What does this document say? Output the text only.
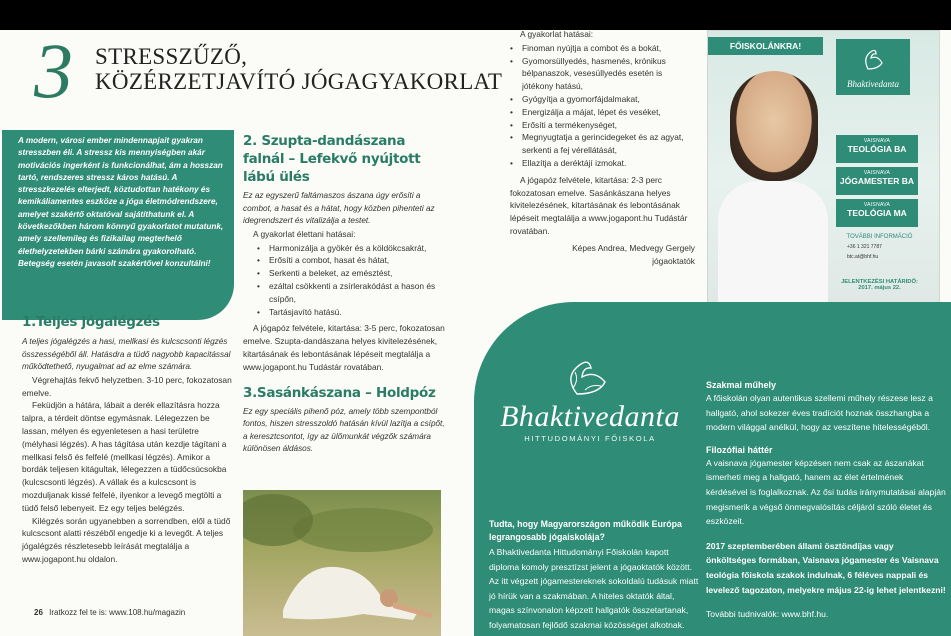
3 STRESSZŰZŐ,
KÖZÉRZETJAVÍTÓ JÓGAGYAKORLAT

A modern, városi ember mindennapjait gyakran stresszben éli. A stressz kis mennyiségben akár motivációs ingerként is funkcionálhat, ám a hosszan tartó, rendszeres stressz káros hatású. A stresszkezelés elterjedt, köztudottan hatékony és kemikáliamentes eszköze a jóga életmódrendszere, amelyet szakértő oktatóval sajátíthatunk el. A következőkben három könnyű gyakorlatot mutatunk, amely szellemileg és fizikailag megterhelő élethelyzetekben bárki számára gyakorolható. Betegség esetén javasolt szakértővel konzultálni!

1.Teljes jógalégzés

A teljes jógalégzés a hasi, mellkasi és kulcscsonti légzés összességéből áll. Hatásdra a tüdő nagyobb kapacitással működtethető, nyugalmat ad az elme számára.

Végrehajtás fekvő helyzetben. 3-10 perc, fokozatosan emelve.

Feküdjön a hátára, lábait a derék ellazításra hozza talpra, a térdeit döntse egymásnak. Lélegezzen be lassan, mélyen és egyenletesen a hasi területre (mélyhasi légzés). A has tágítása után kezdje tágítani a mellkasi felső és felfelé (mellkasi légzés). Amikor a bordák teljesen kitágultak, lélegezzen a tüdőcsúcsokba (kulcscsonti légzés). A vállak és a kulcscsont is mozduljanak kissé felfelé, ilyenkor a levegő megtölti a tüdő felső lebenyeit. Ez egy teljes belégzés.

Kilégzés során ugyanebben a sorrendben, elől a tüdő kulcscsont alatti részéből engedje ki a levegőt. A teljes jógalégzés részletesebb leírását megtalálja a www.jogapont.hu oldalon.

2. Szupta-dandászana falnál – Lefekvő nyújtott lábú ülés

Ez az egyszerű faltámaszos ászana úgy erősíti a combot, a hasat és a hátat, hogy közben pihenteti az idegrendszert és vitalizálja a testet.

A gyakorlat élettani hatásai:

• Harmonizálja a gyökér és a köldökcsakrát,
• Erősíti a combot, hasat és hátat,
• Serkenti a beleket, az emésztést,
• ezáltal csökkenti a zsírlerakódást a hason és csípőn,
• Tartásjavító hatású.

A jógapóz felvétele, kitartása: 3-5 perc, fokozatosan emelve. Szupta-dandászana helyes kivitelezésének, kitartásának és lebontásának lépéseit megtalálja a www.jogapont.hu Tudástár rovatában.

3.Sasánkászana – Holdpóz

Ez egy speciális pihenő póz, amely több szempontból fontos, hiszen stresszoldó hatásán kívül lazítja a csípőt, a keresztcsontot, így az ülőmunkát végzők számára különösen áldásos.

A gyakorlat hatásai:

• Finoman nyújtja a combot és a bokát,
• Gyomorsüllyedés, hasmenés, krónikus bélpanaszok, vesesüllyedés esetén is jótékony hatású,
• Gyógyítja a gyomorfájdalmakat,
• Energizálja a májat, lépet és veséket,
• Erősíti a termékenységet,
• Megnyugtatja a gerincidegeket és az agyat, serkenti a fej vérellátását,
• Ellazítja a deréktájí izmokat.

A jógapóz felvétele, kitartása: 2-3 perc fokozatosan emelve. Sasánkászana helyes kivitelezésének, kitartásának és lebontásának lépéseit megtalálja a www.jogapont.hu Tudástár rovatában.

Képes Andrea, Medvegy Gergely
jógaoktatók
FŐISKOLÁNKRA!
Bhaktivedanta
VAISNAVA
TEOLÓGIA BA
VAISNAVA
JÓGAMESTER BA
VAISNAVA
TEOLÓGIA MA
TOVÁBBI INFORMÁCIÓ
+36 1 321 7787
btc.at@bhf.hu
JELENTKEZÉSI HATÁRIDŐ:
2017. május 22.
Bhaktivedanta
HITTUDOMÁNYI FŐISKOLA

Tudta, hogy Magyarországon működik Európa legrangosabb jógaiskolája?

A Bhaktivedanta Hittudományi Főiskolán kapott diploma komoly presztízst jelent a jógaoktatók között. Az itt végzett jógamestereknek sokoldalú tudásuk miatt jó hírük van a szakmában. A hiteles oktatók által, magas színvonalon képzett hallgatók összetartanak, folyamatosan fejlődő szakmai közösséget alkotnak.

Szakmai műhely

A főiskolán olyan autentikus szellemi műhely részese lesz a hallgató, ahol sokezer éves tradíciót hoznak összhangba a modern világgal anélkül, hogy az veszítene hitelességéből.

Filozófiai háttér

A vaisnava jógamester képzésen nem csak az ászanákat ismerheti meg a hallgató, hanem az élet értelmének kérdésével is foglalkoznak. Az ősi tudás iránymutatásai alapján megismerik a végső önmegvalósítás céljáról szóló életet és eszközeit.

2017 szeptemberében állami ösztöndíjas vagy önköltséges formában, Vaisnava jógamester és Vaisnava teológia főiskola szakok indulnak, 6 féléves nappali és levelező tagozaton, melyekre május 22-ig lehet jelentkezni!

További tudnivalók: www.bhf.hu.

26 Iratkozz fel te is: www.108.hu/magazin
